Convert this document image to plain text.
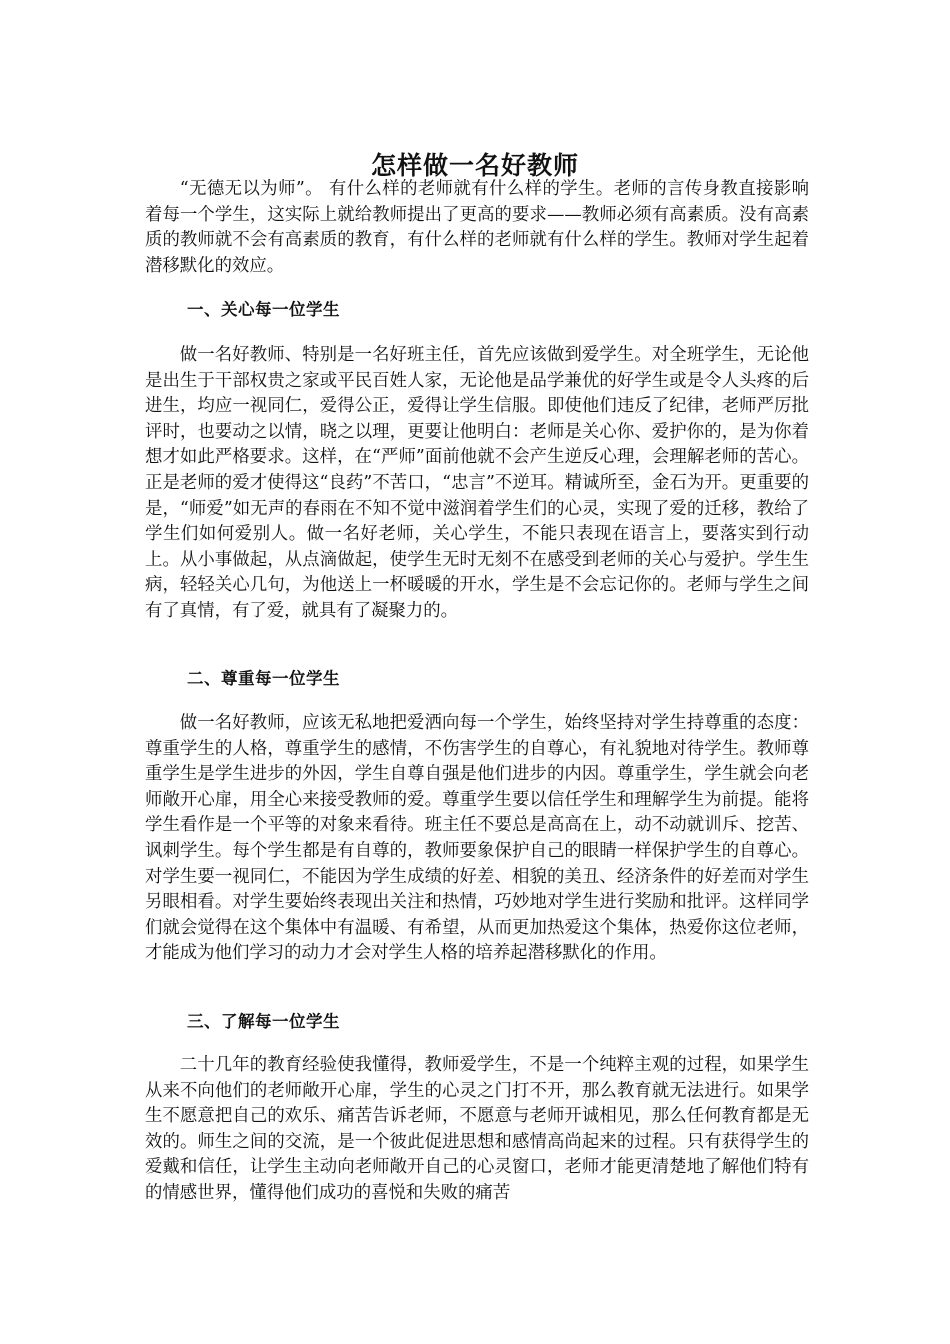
怎样做一名好教师

“无德无以为师”。 有什么样的老师就有什么样的学生。老师的言传身教直接影响着每一个学生，这实际上就给教师提出了更高的要求——教师必须有高素质。没有高素质的教师就不会有高素质的教育，有什么样的老师就有什么样的学生。教师对学生起着潜移默化的效应。

一、关心每一位学生

做一名好教师、特别是一名好班主任，首先应该做到爱学生。对全班学生，无论他是出生于干部权贵之家或平民百姓人家，无论他是品学兼优的好学生或是令人头疼的后进生，均应一视同仁，爱得公正，爱得让学生信服。即使他们违反了纪律，老师严厉批评时，也要动之以情，晓之以理，更要让他明白：老师是关心你、爱护你的，是为你着想才如此严格要求。这样，在“严师”面前他就不会产生逆反心理，会理解老师的苦心。正是老师的爱才使得这“良药”不苦口，“忠言”不逆耳。精诚所至，金石为开。更重要的是，“师爱”如无声的春雨在不知不觉中滋润着学生们的心灵，实现了爱的迁移，教给了学生们如何爱别人。做一名好老师，关心学生，不能只表现在语言上，要落实到行动上。从小事做起，从点滴做起，使学生无时无刻不在感受到老师的关心与爱护。学生生病，轻轻关心几句，为他送上一杯暖暖的开水，学生是不会忘记你的。老师与学生之间有了真情，有了爱，就具有了凝聚力的。

二、尊重每一位学生

做一名好教师，应该无私地把爱洒向每一个学生，始终坚持对学生持尊重的态度：尊重学生的人格，尊重学生的感情，不伤害学生的自尊心，有礼貌地对待学生。教师尊重学生是学生进步的外因，学生自尊自强是他们进步的内因。尊重学生，学生就会向老师敞开心扉，用全心来接受教师的爱。尊重学生要以信任学生和理解学生为前提。能将学生看作是一个平等的对象来看待。班主任不要总是高高在上，动不动就训斥、挖苦、讽刺学生。每个学生都是有自尊的，教师要象保护自己的眼睛一样保护学生的自尊心。对学生要一视同仁，不能因为学生成绩的好差、相貌的美丑、经济条件的好差而对学生另眼相看。对学生要始终表现出关注和热情，巧妙地对学生进行奖励和批评。这样同学们就会觉得在这个集体中有温暖、有希望，从而更加热爱这个集体，热爱你这位老师，才能成为他们学习的动力才会对学生人格的培养起潜移默化的作用。

三、了解每一位学生

二十几年的教育经验使我懂得，教师爱学生，不是一个纯粹主观的过程，如果学生从来不向他们的老师敞开心扉，学生的心灵之门打不开，那么教育就无法进行。如果学生不愿意把自己的欢乐、痛苦告诉老师，不愿意与老师开诚相见，那么任何教育都是无效的。师生之间的交流，是一个彼此促进思想和感情高尚起来的过程。只有获得学生的爱戴和信任，让学生主动向老师敞开自己的心灵窗口，老师才能更清楚地了解他们特有的情感世界，懂得他们成功的喜悦和失败的痛苦
